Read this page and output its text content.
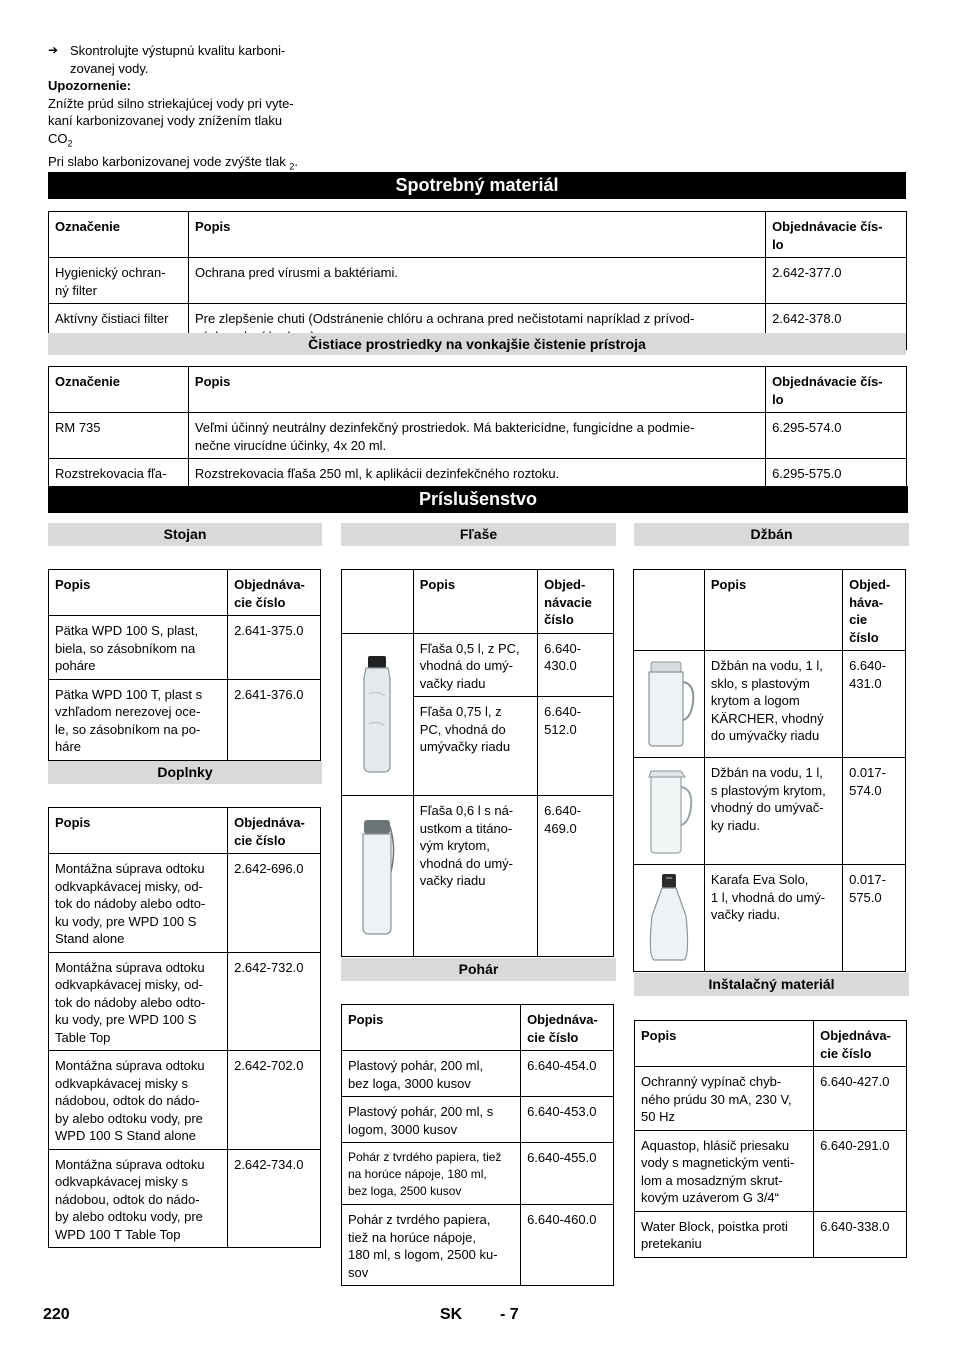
➔ Skontrolujte výstupnú kvalitu karboni-
zovanej vody.
Upozornenie:
Znížte prúd silno striekajúcej vody pri vyte-
kaní karbonizovanej vody znížením tlaku
$CO_2$
Pri slabo karbonizovanej vode zvýšte tlak $_2$.
Spotrebný materiál
Označenie	Popis	Objednávacie čís-
lo
Hygienický ochran-
ný filter	Ochrana pred vírusmi a baktériami.	2.642-377.0
Aktívny čistiaci filter	Pre zlepšenie chuti (Odstránenie chlóru a ochrana pred nečistotami napríklad z prívod-	2.642-378.0
Čistiace prostriedky na vonkajšie čistenie prístroja
Označenie	Popis	Objednávacie čís-
lo
RM 735	Veľmi účinný neutrálny dezinfekčný prostriedok. Má baktericídne, fungicídne a podmie-
nečne virucídne účinky, 4x 20 ml.	6.295-574.0
Rozstrekovacia fľa-	Rozstrekovacia fľaša 250 ml, k aplikácii dezinfekčného roztoku.	6.295-575.0
Príslušenstvo
Stojan
Popis	Objednáva-
cie číslo
Pätka WPD 100 S, plast,
biela, so zásobníkom na
poháre	2.641-375.0
Pätka WPD 100 T, plast s
vzhľadom nerezovej oce-
le, so zásobníkom na po-
háre	2.641-376.0
Doplnky
Popis	Objednáva-
cie číslo
Montážna súprava odtoku
odkvapkávacej misky, od-
tok do nádoby alebo odto-
ku vody, pre WPD 100 S
Stand alone	2.642-696.0
Montážna súprava odtoku
odkvapkávacej misky, od-
tok do nádoby alebo odto-
ku vody, pre WPD 100 S
Table Top	2.642-732.0
Montážna súprava odtoku
odkvapkávacej misky s
nádobou, odtok do nádo-
by alebo odtoku vody, pre
WPD 100 S Stand alone	2.642-702.0
Montážna súprava odtoku
odkvapkávacej misky s
nádobou, odtok do nádo-
by alebo odtoku vody, pre
WPD 100 T Table Top	2.642-734.0
Fľaše
	Popis	Objed-
návacie
číslo

	Fľaša 0,5 l, z PC,
vhodná do umý-
vačky riadu	6.640-
430.0
	Fľaša 0,75 l, z
PC, vhodná do
umývačky riadu	6.640-
512.0

	Fľaša 0,6 l s ná-
ustkom a titáno-
vým krytom,
vhodná do umý-
vačky riadu	6.640-
469.0
Pohár
Popis	Objednáva-
cie číslo
Plastový pohár, 200 ml,
bez loga, 3000 kusov	6.640-454.0
Plastový pohár, 200 ml, s
logom, 3000 kusov	6.640-453.0
Pohár z tvrdého papiera, tiež
na horúce nápoje, 180 ml,
bez loga, 2500 kusov	6.640-455.0
Pohár z tvrdého papiera,
tiež na horúce nápoje,
180 ml, s logom, 2500 ku-
sov	6.640-460.0
Džbán
	Popis	Objed-
háva-
cie
číslo

	Džbán na vodu, 1 l,
sklo, s plastovým
krytom a logom
KÄRCHER, vhodný
do umývačky riadu	6.640-
431.0

	Džbán na vodu, 1 l,
s plastovým krytom,
vhodný do umývač-
ky riadu.	0.017-
574.0

	Karafa Eva Solo,
1 l, vhodná do umý-
vačky riadu.	0.017-
575.0
Inštalačný materiál
Popis	Objednáva-
cie číslo
Ochranný vypínač chyb-
ného prúdu 30 mA, 230 V,
50 Hz	6.640-427.0
Aquastop, hlásič priesaku
vody s magnetickým venti-
lom a mosadzným skrut-
kovým uzáverom G 3/4“	6.640-291.0
Water Block, poistka proti
pretekaniu	6.640-338.0
220	SK - 7
